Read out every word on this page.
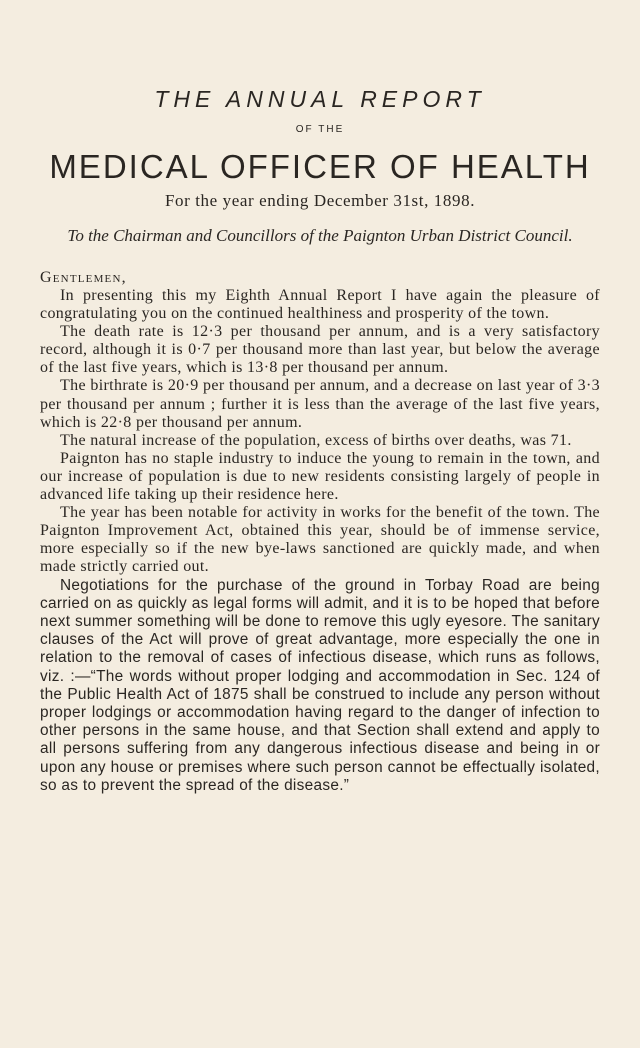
THE ANNUAL REPORT
OF THE
MEDICAL OFFICER OF HEALTH
For the year ending December 31st, 1898.
To the Chairman and Councillors of the Paignton Urban District Council.
Gentlemen,

In presenting this my Eighth Annual Report I have again the pleasure of congratulating you on the continued healthiness and prosperity of the town.

The death rate is 12·3 per thousand per annum, and is a very satisfactory record, although it is 0·7 per thousand more than last year, but below the average of the last five years, which is 13·8 per thousand per annum.

The birthrate is 20·9 per thousand per annum, and a decrease on last year of 3·3 per thousand per annum ; further it is less than the average of the last five years, which is 22·8 per thousand per annum.

The natural increase of the population, excess of births over deaths, was 71.

Paignton has no staple industry to induce the young to remain in the town, and our increase of population is due to new residents consisting largely of people in advanced life taking up their residence here.

The year has been notable for activity in works for the benefit of the town. The Paignton Improvement Act, obtained this year, should be of immense service, more especially so if the new bye-laws sanctioned are quickly made, and when made strictly carried out.

Negotiations for the purchase of the ground in Torbay Road are being carried on as quickly as legal forms will admit, and it is to be hoped that before next summer something will be done to remove this ugly eyesore. The sanitary clauses of the Act will prove of great advantage, more especially the one in relation to the removal of cases of infectious disease, which runs as follows, viz. :—“The words without proper lodging and accommodation in Sec. 124 of the Public Health Act of 1875 shall be construed to include any person without proper lodgings or accommodation having regard to the danger of infection to other persons in the same house, and that Section shall extend and apply to all persons suffering from any dangerous infectious disease and being in or upon any house or premises where such person cannot be effectually isolated, so as to prevent the spread of the disease.”
